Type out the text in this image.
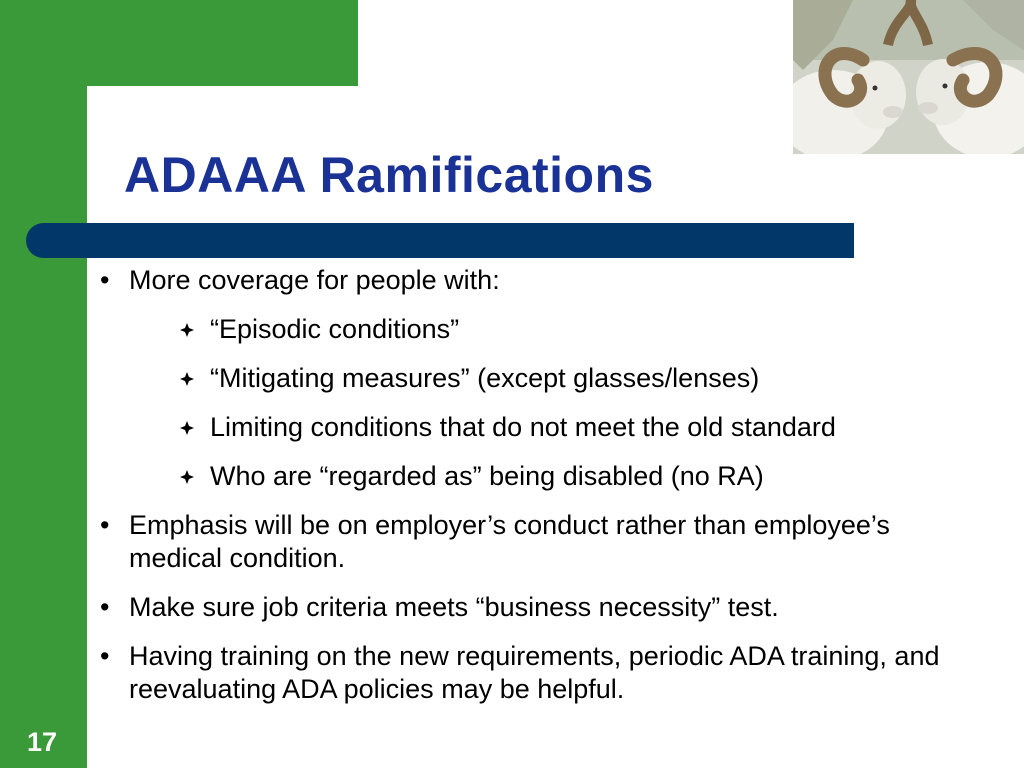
ADAAA Ramifications
• More coverage for people with:
“Episodic conditions”
“Mitigating measures” (except glasses/lenses)
Limiting conditions that do not meet the old standard
Who are “regarded as” being disabled (no RA)
• Emphasis will be on employer’s conduct rather than employee’s medical condition.
• Make sure job criteria meets “business necessity” test.
• Having training on the new requirements, periodic ADA training, and reevaluating ADA policies may be helpful.
17
